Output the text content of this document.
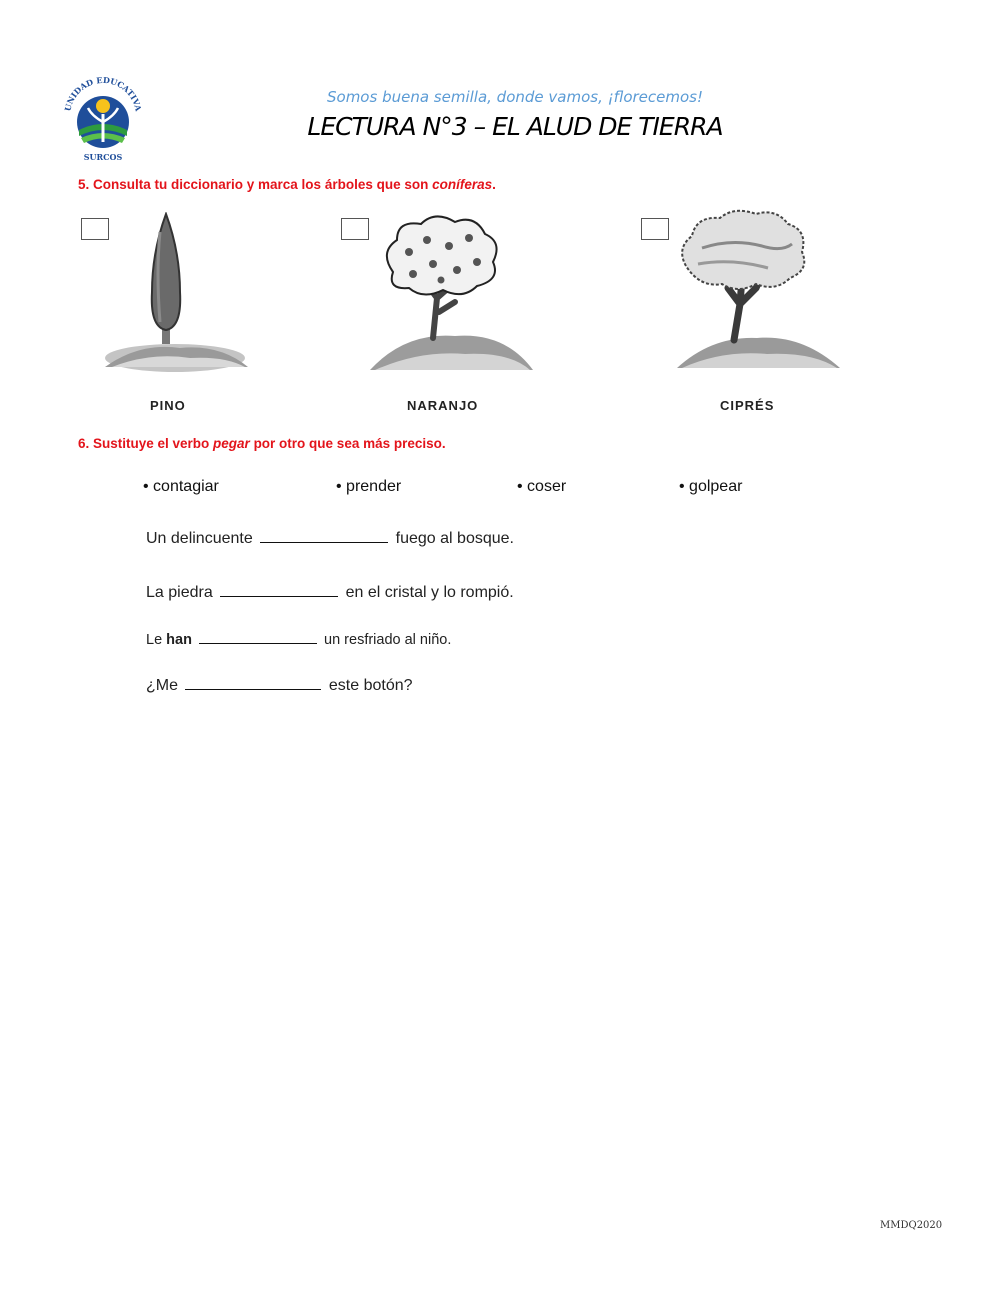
UNIDAD EDUCATIVA
SURCOS
Somos buena semilla, donde vamos, ¡florecemos!
LECTURA N°3 – EL ALUD DE TIERRA
5. Consulta tu diccionario y marca los árboles que son coníferas.
PINO	NARANJO	CIPRÉS
6. Sustituye el verbo pegar por otro que sea más preciso.
• contagiar	• prender	• coser	• golpear
Un delincuente	fuego al bosque.
La piedra	en el cristal y lo rompió.
Le han	un resfriado al niño.
¿Me	este botón?
MMDQ2020
